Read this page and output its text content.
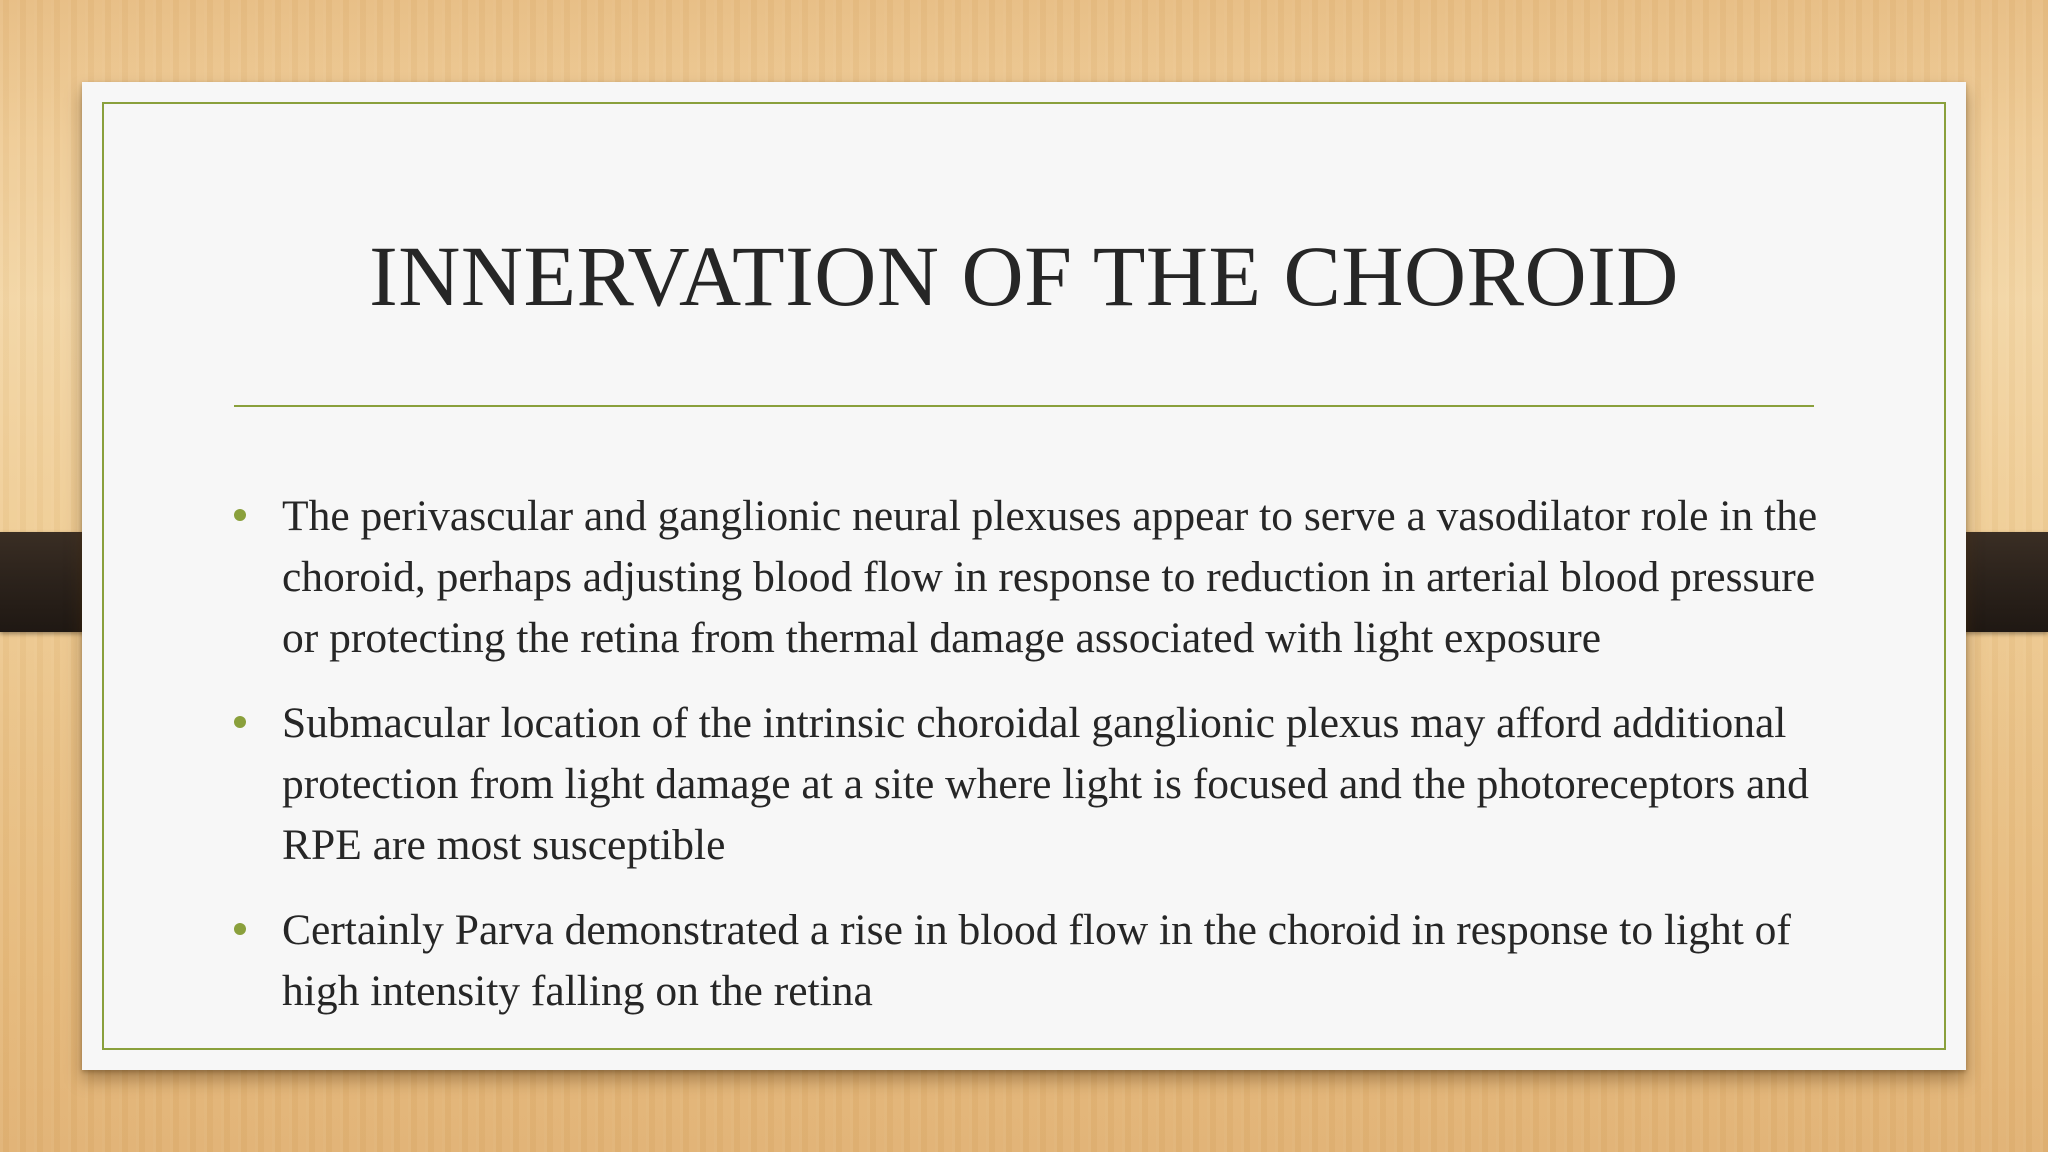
INNERVATION OF THE CHOROID
The perivascular and ganglionic neural plexuses appear to serve a vasodilator role in the choroid, perhaps adjusting blood flow in response to reduction in arterial blood pressure or protecting the retina from thermal damage associated with light exposure
Submacular location of the intrinsic choroidal ganglionic plexus may afford additional protection from light damage at a site where light is focused and the photoreceptors and RPE are most susceptible
Certainly Parva demonstrated a rise in blood flow in the choroid in response to light of high intensity falling on the retina
